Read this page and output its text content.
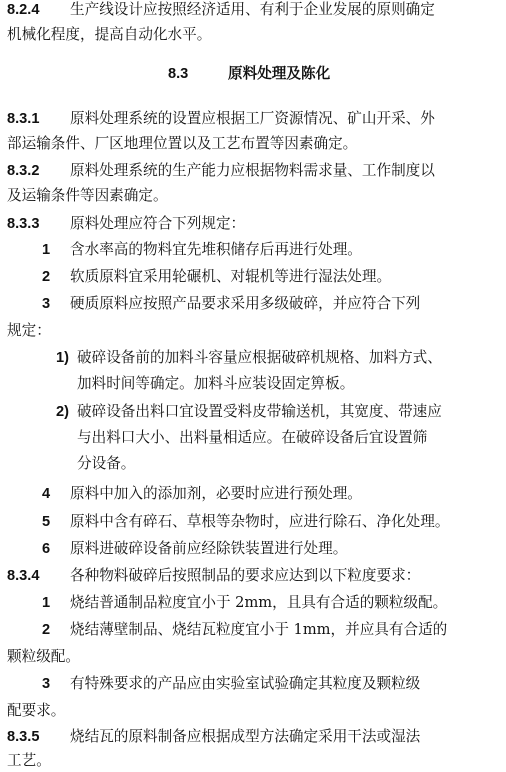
8.2.4 生产线设计应按照经济适用、有利于企业发展的原则确定
机械化程度，提高自动化水平。
8.3	原料处理及陈化
8.3.1 原料处理系统的设置应根据工厂资源情况、矿山开采、外
部运输条件、厂区地理位置以及工艺布置等因素确定。
8.3.2 原料处理系统的生产能力应根据物料需求量、工作制度以
及运输条件等因素确定。
8.3.3 原料处理应符合下列规定：
1 含水率高的物料宜先堆积储存后再进行处理。
2 软质原料宜采用轮碾机、对辊机等进行湿法处理。
3 硬质原料应按照产品要求采用多级破碎，并应符合下列
规定：
1) 破碎设备前的加料斗容量应根据破碎机规格、加料方式、
加料时间等确定。加料斗应装设固定箅板。
2) 破碎设备出料口宜设置受料皮带输送机，其宽度、带速应
与出料口大小、出料量相适应。在破碎设备后宜设置筛
分设备。
4 原料中加入的添加剂，必要时应进行预处理。
5 原料中含有碎石、草根等杂物时，应进行除石、净化处理。
6 原料进破碎设备前应经除铁装置进行处理。
8.3.4 各种物料破碎后按照制品的要求应达到以下粒度要求：
1 烧结普通制品粒度宜小于 2mm，且具有合适的颗粒级配。
2 烧结薄壁制品、烧结瓦粒度宜小于 1mm，并应具有合适的
颗粒级配。
3 有特殊要求的产品应由实验室试验确定其粒度及颗粒级
配要求。
8.3.5 烧结瓦的原料制备应根据成型方法确定采用干法或湿法
工艺。
